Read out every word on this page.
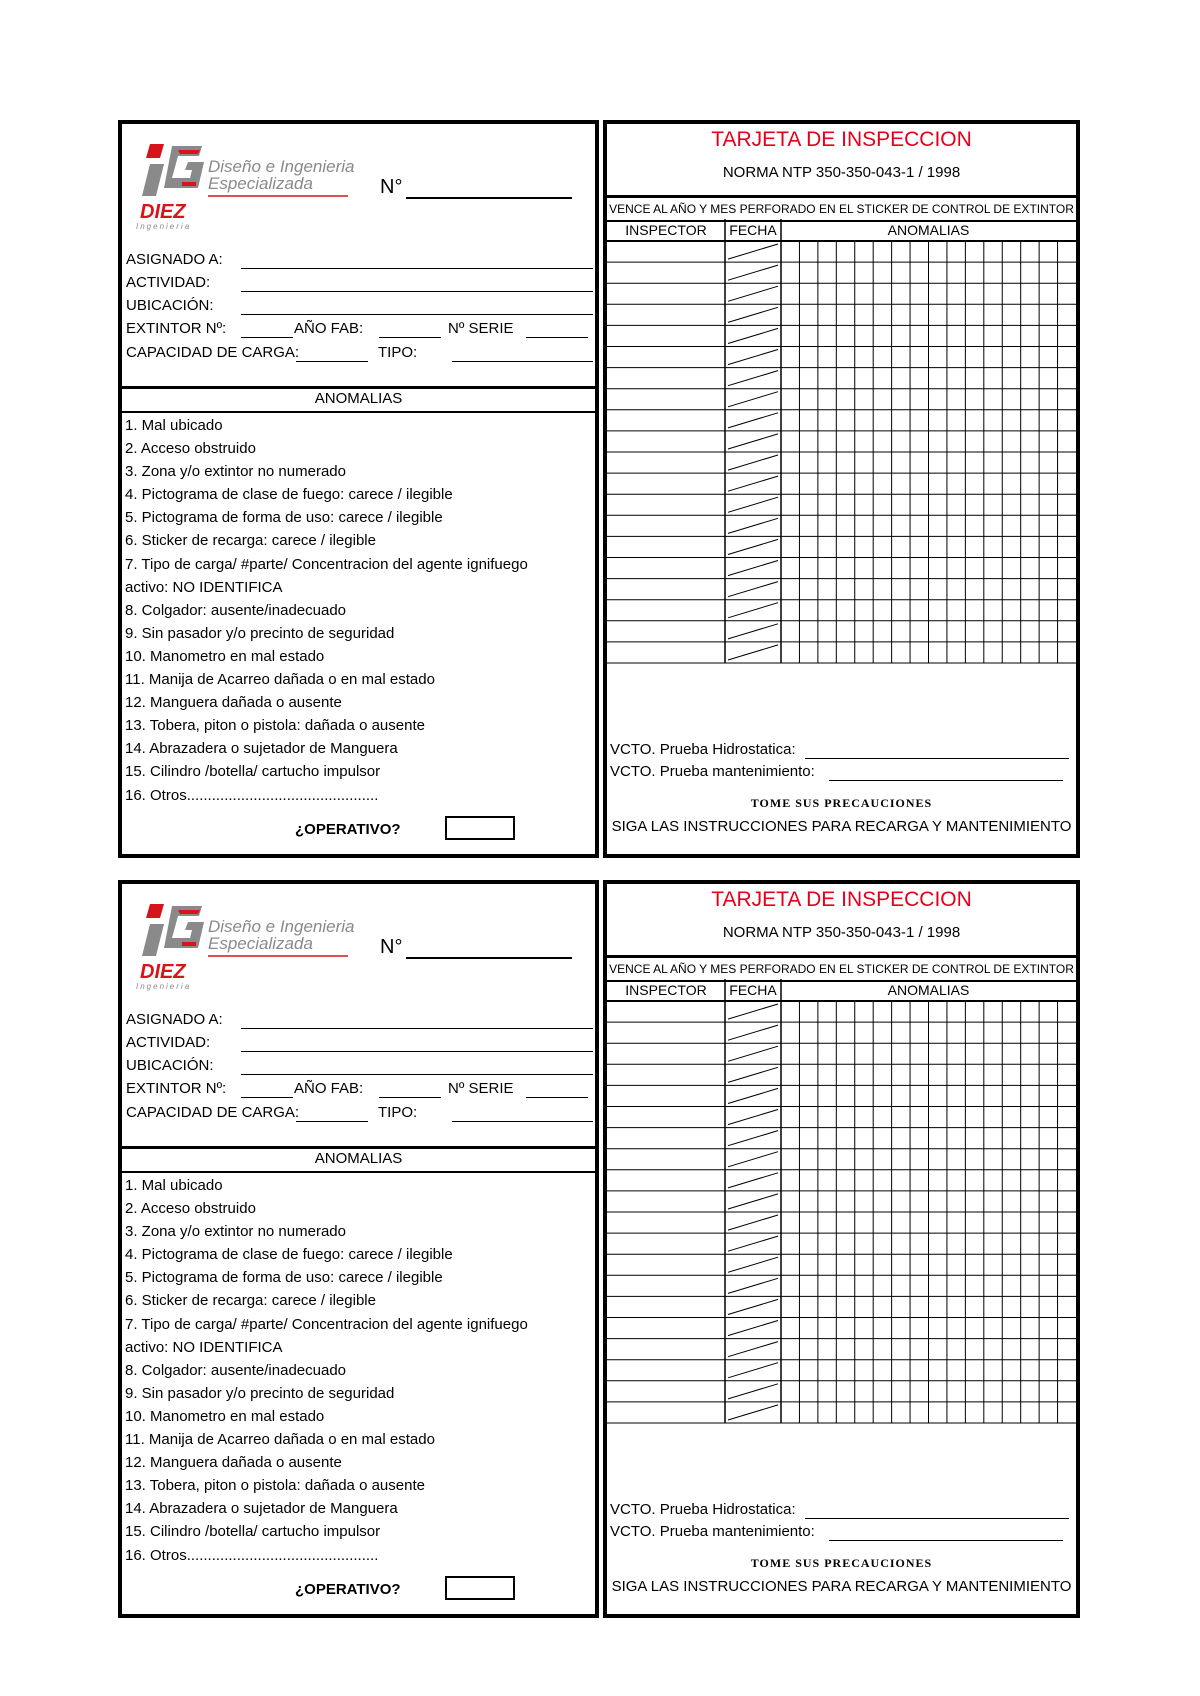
DIEZ
Diseño e Ingenieria
Especializada
Ingenieria
N°
ASIGNADO A:
ACTIVIDAD:
UBICACIÓN:
EXTINTOR Nº:	AÑO FAB:	Nº SERIE
CAPACIDAD DE CARGA:	TIPO:
ANOMALIAS
1. Mal ubicado
2. Acceso obstruido
3. Zona y/o extintor no numerado
4. Pictograma de clase de fuego: carece / ilegible
5. Pictograma de forma de uso: carece / ilegible
6. Sticker de recarga: carece / ilegible
7. Tipo de carga/ #parte/ Concentracion del agente ignifuego
activo: NO IDENTIFICA
8. Colgador: ausente/inadecuado
9. Sin pasador y/o precinto de seguridad
10. Manometro en mal estado
11. Manija de Acarreo dañada o en mal estado
12. Manguera dañada o ausente
13. Tobera, piton o pistola: dañada o ausente
14. Abrazadera o sujetador de Manguera
15. Cilindro /botella/ cartucho impulsor
16. Otros..............................................
¿OPERATIVO?
TARJETA DE INSPECCION
NORMA NTP 350-350-043-1 / 1998
VENCE AL AÑO Y MES PERFORADO EN EL STICKER DE CONTROL DE EXTINTOR
INSPECTOR	FECHA	ANOMALIAS
VCTO. Prueba Hidrostatica:
VCTO. Prueba mantenimiento:
TOME SUS PRECAUCIONES
SIGA LAS INSTRUCCIONES PARA RECARGA Y MANTENIMIENTO
DIEZ
Diseño e Ingenieria
Especializada
Ingenieria
N°
ASIGNADO A:
ACTIVIDAD:
UBICACIÓN:
EXTINTOR Nº:	AÑO FAB:	Nº SERIE
CAPACIDAD DE CARGA:	TIPO:
ANOMALIAS
1. Mal ubicado
2. Acceso obstruido
3. Zona y/o extintor no numerado
4. Pictograma de clase de fuego: carece / ilegible
5. Pictograma de forma de uso: carece / ilegible
6. Sticker de recarga: carece / ilegible
7. Tipo de carga/ #parte/ Concentracion del agente ignifuego
activo: NO IDENTIFICA
8. Colgador: ausente/inadecuado
9. Sin pasador y/o precinto de seguridad
10. Manometro en mal estado
11. Manija de Acarreo dañada o en mal estado
12. Manguera dañada o ausente
13. Tobera, piton o pistola: dañada o ausente
14. Abrazadera o sujetador de Manguera
15. Cilindro /botella/ cartucho impulsor
16. Otros..............................................
¿OPERATIVO?
TARJETA DE INSPECCION
NORMA NTP 350-350-043-1 / 1998
VENCE AL AÑO Y MES PERFORADO EN EL STICKER DE CONTROL DE EXTINTOR
INSPECTOR	FECHA	ANOMALIAS
VCTO. Prueba Hidrostatica:
VCTO. Prueba mantenimiento:
TOME SUS PRECAUCIONES
SIGA LAS INSTRUCCIONES PARA RECARGA Y MANTENIMIENTO
